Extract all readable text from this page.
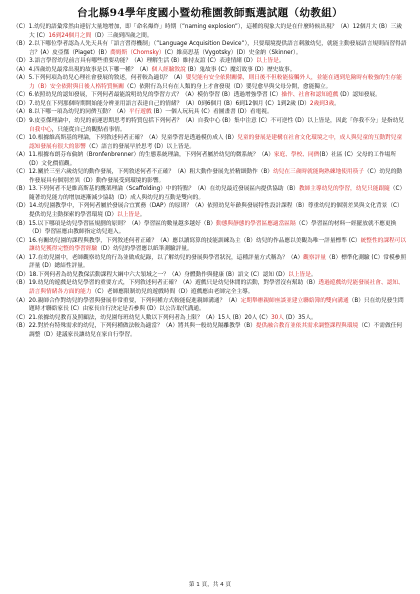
台北縣94學年度國小暨幼稚園教師甄選試題（幼教組）

（C）1.幼兒的語彙常然由連衍大量地增加，即「命名爆炸」時期（”naming explosion”），這種的現象大約是在什麼時候出現？（A）12個月大 (B）三歲大 (C）16到24個月之間（D）三歲到四歲之間。

（B）2.以下哪位學者認為人先天具有「語言習得機制」（”Language Acquisition Device”），只要環境提供語言刺激幼兒，就能主動發展語言規則而習得語言？(A）皮亞傑（Piaget）(B）喬姆斯（Chomsky）(C）維高思基（Vygotsky）(D）史金納（Skinner）。

（D）3.語言學習幼兒前言具有哪些重要功能？（A）理解生活 (B）維持友誼 (C）表達情緒 (D）以上皆是。

（A）4.四歲幼兒最常出現的故事是以下哪一種？（A）個人經驗敘說 (B）鬼故事 (C）魔幻故事 (D）歷史故事。

（A）5.下列何項為幼兒心理社會發展的敘述，何者較為適切？（A）嬰兒能有安全依附關係，則日後不但較能接觸外人，並能在遇到危險時有較強的生存能力（B）安全依附與日後人格特質無關（C）依附行為只有在人類的身上才會發現（D）嬰兒愈早與父母分開，愈能獨立。

（C）6.依照幼兒的認知發展，下列何者最能說明幼兒的學習方式？（A）模仿學習 (B）透過增強學習 (C）操作、社會和認知遊戲 (D）認知發展。

（D）7.幼兒在下列那個時期開始能分辨並用語言表達自己的情緒？（A）0到6個月 (B）6到12個月 (C）1到2歲 (D）2歲到3歲。

（A）8.以下哪一項為幼兒的同儕互動？（A）平行遊戲 (B）一個人玩玩具 (C）看圖畫書 (D）看電視。

（D）9.皮亞傑理論中，幼兒的前運思期思考的特質包括下列何者？（A）自我中心 (B）集中注意 (C）不可逆性 (D）以上皆是，因此「你我不分」是指幼兒自我中心，只能從自己的觀點看事情。

（C）10.根據維高斯基的理論，下列敘述何者正確？（A）兒童學習是透過模仿成人 (B）兒童的發展是建構在社會文化環境之中，成人與兒童的互動對兒童認知發展有很大的影響（C）語言的發展早於思考 (D）以上皆是。

（A）11.根據布朗芬布倫納（Bronfenbrenner）的生態系統理論，下列何者屬於幼兒的微系統？（A）家庭、學校、同儕(B）社區 (C）父母的工作場所 (D）文化價值觀。

（C）12.關於三至六歲幼兒的動作發展，下列敘述何者不正確？（A）粗大動作發展先於精細動作（B）幼兒在三歲時就能夠熟練地使用筷子（C）幼兒的動作發展具有個別差異（D）動作發展受到環境的影響。

（B）13.下列何者不是維高斯基的鷹架理論（Scaffolding）中的特點？（A）在幼兒最近發展區內提供協助（B）教師主導幼兒的學習，幼兒只能跟隨（C）隨著幼兒能力的增加逐漸減少協助（D）成人與幼兒的互動是雙向的。

（D）14.幼兒園教學中，下列何者屬於發展合宜實務（DAP）的原則？（A）依照幼兒年齡與發展特性設計課程（B）尊重幼兒的個別差異與文化背景（C）提供幼兒主動探索的學習環境 (D）以上皆是。

（B）15.以下哪項是幼兒學習區規劃的原則？（A）學習區的數量越多越好（B）動態與靜態的學習區應適當區隔（C）學習區的材料一經擺放就不應更換（D）學習區應由教師指定幼兒進入。

（C）16.有關幼兒園的課程與教學，下列敘述何者正確？（A）應以讀寫算的技能訓練為主（B）幼兒的作品應以美觀為唯一評量標準 (C）統整性的課程可以讓幼兒獲得完整的學習經驗（D）幼兒的學習應以紙筆測驗評量。

（A）17.在幼兒園中，老師觀察幼兒的行為並做成紀錄，以了解幼兒的發展與學習狀況，這種評量方式稱為？（A）觀察評量（B）標準化測驗 (C）常模參照評量 (D）總結性評量。

（D）18.下列何者為幼兒教保活動課程大綱中六大領域之一？（A）身體動作與健康 (B）語文 (C）認知 (D）以上皆是。

（B）19.幼兒的遊戲是幼兒學習的重要方式，下列敘述何者正確？（A）遊戲只是幼兒休閒的活動，對學習沒有幫助（B）透過遊戲幼兒能發展社會、認知、語言與情緒各方面的能力（C）老師應限制幼兒的遊戲時間（D）遊戲應由老師完全主導。

（A）20.親師合作對幼兒的學習與發展非常重要，下列何種方式較能促進親師溝通？（A）定期舉辦親師座談並建立聯絡簿的雙向溝通（B）只在幼兒發生問題時才聯絡家長 (C）由家長自行決定是否參與 (D）以公告取代溝通。

（C）21.依據幼兒教育及照顧法，幼兒園每班幼兒人數以下列何者為上限？（A）15人 (B）20人 (C）30人 (D）35人。

（B）22.對於有特殊需求的幼兒，下列何種做法較為適當？（A）將其與一般幼兒隔離教學（B）提供融合教育並依其需求調整課程與環境（C）不需做任何調整（D）建議家長讓幼兒在家自行學習。

第 1 頁，共 4 頁
